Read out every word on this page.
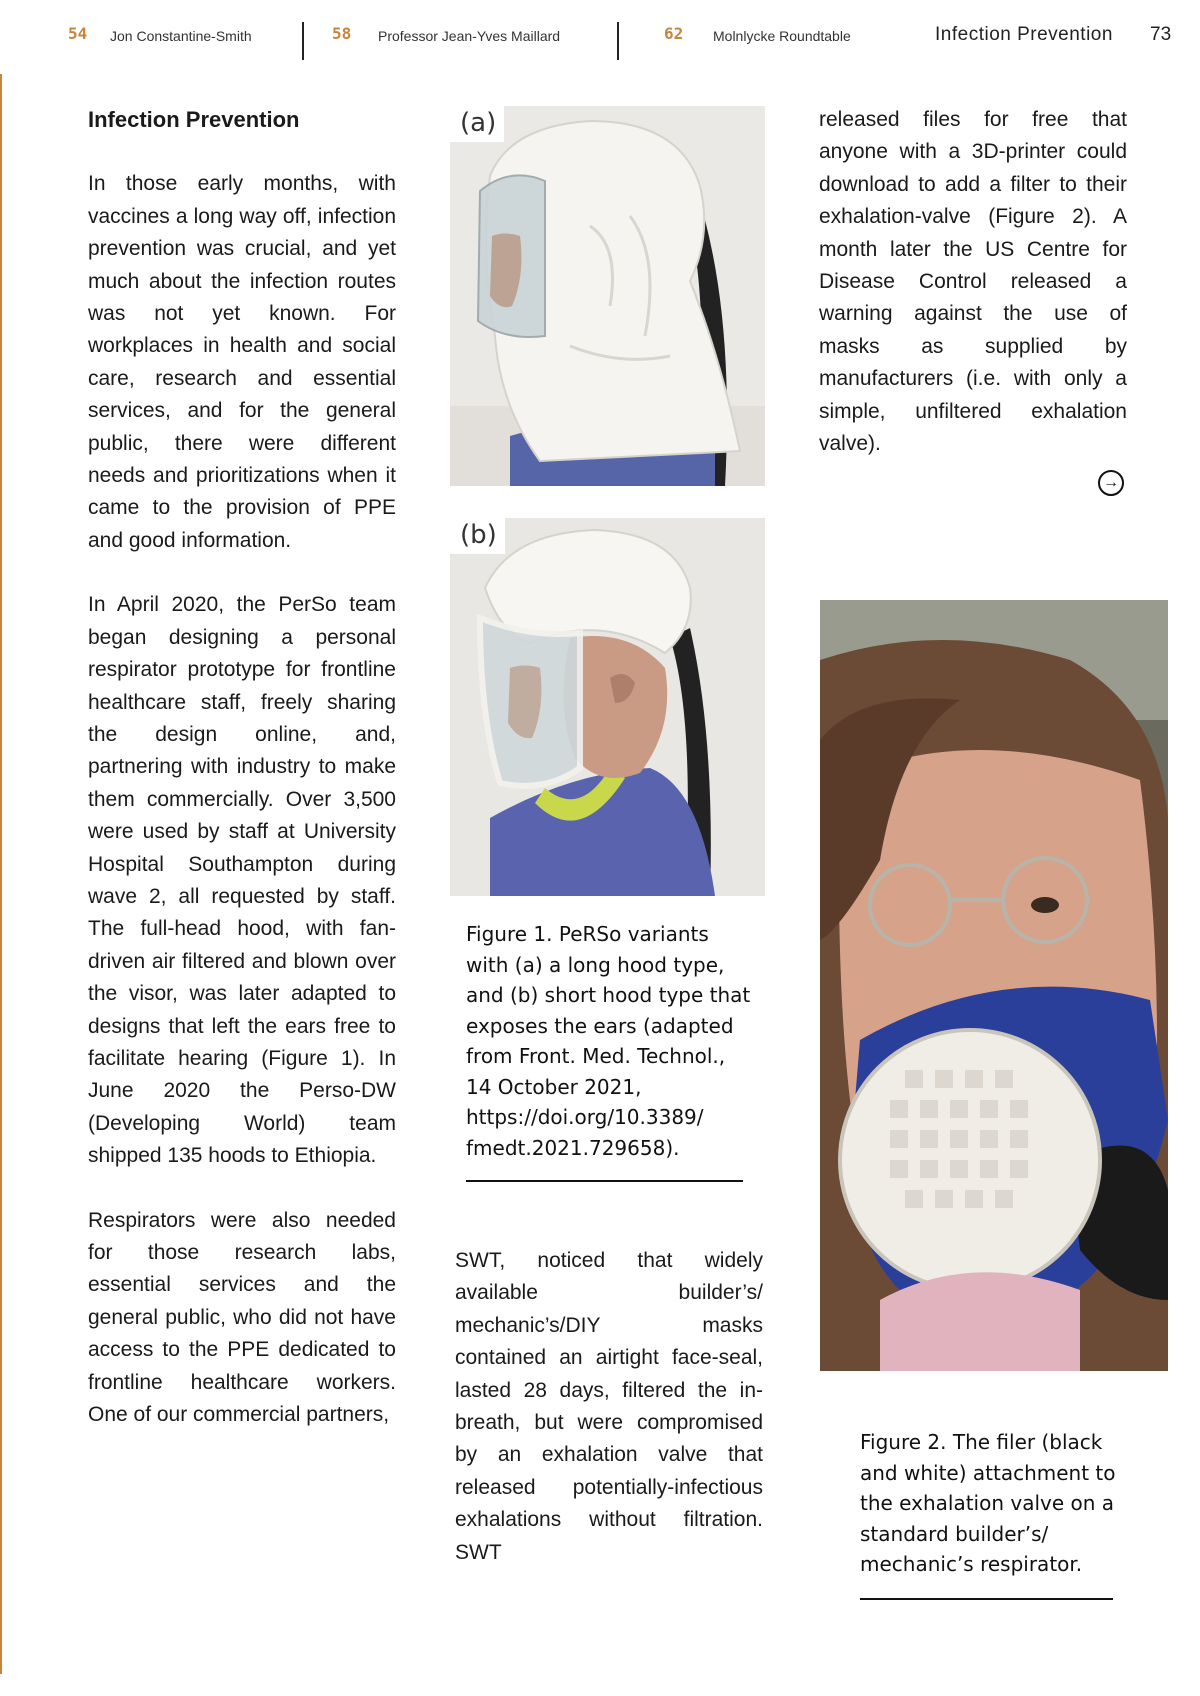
54 Jon Constantine-Smith	58 Professor Jean-Yves Maillard	62 Molnlycke Roundtable	Infection Prevention 73
Infection Prevention

In those early months, with vaccines a long way off, infection prevention was crucial, and yet much about the infection routes was not yet known. For workplaces in health and social care, research and essential services, and for the general public, there were different needs and prioritizations when it came to the provision of PPE and good information.

In April 2020, the PerSo team began designing a personal respirator prototype for frontline healthcare staff, freely sharing the design online, and, partnering with industry to make them commercially. Over 3,500 were used by staff at University Hospital Southampton during wave 2, all requested by staff. The full-head hood, with fan-driven air filtered and blown over the visor, was later adapted to designs that left the ears free to facilitate hearing (Figure 1). In June 2020 the Perso-DW (Developing World) team shipped 135 hoods to Ethiopia.

Respirators were also needed for those research labs, essential services and the general public, who did not have access to the PPE dedicated to frontline healthcare workers. One of our commercial partners,

(a)
(b)
Figure 1. PeRSo variants with (a) a long hood type, and (b) short hood type that exposes the ears (adapted from Front. Med. Technol., 14 October 2021, https://doi.org/10.3389/ fmedt.2021.729658).

SWT, noticed that widely available builder’s/ mechanic’s/DIY masks contained an airtight face-seal, lasted 28 days, filtered the in-breath, but were compromised by an exhalation valve that released potentially-infectious exhalations without filtration. SWT

released files for free that anyone with a 3D-printer could download to add a filter to their exhalation-valve (Figure 2). A month later the US Centre for Disease Control released a warning against the use of masks as supplied by manufacturers (i.e. with only a simple, unfiltered exhalation valve).

→
Figure 2. The filer (black and white) attachment to the exhalation valve on a standard builder’s/ mechanic’s respirator.
